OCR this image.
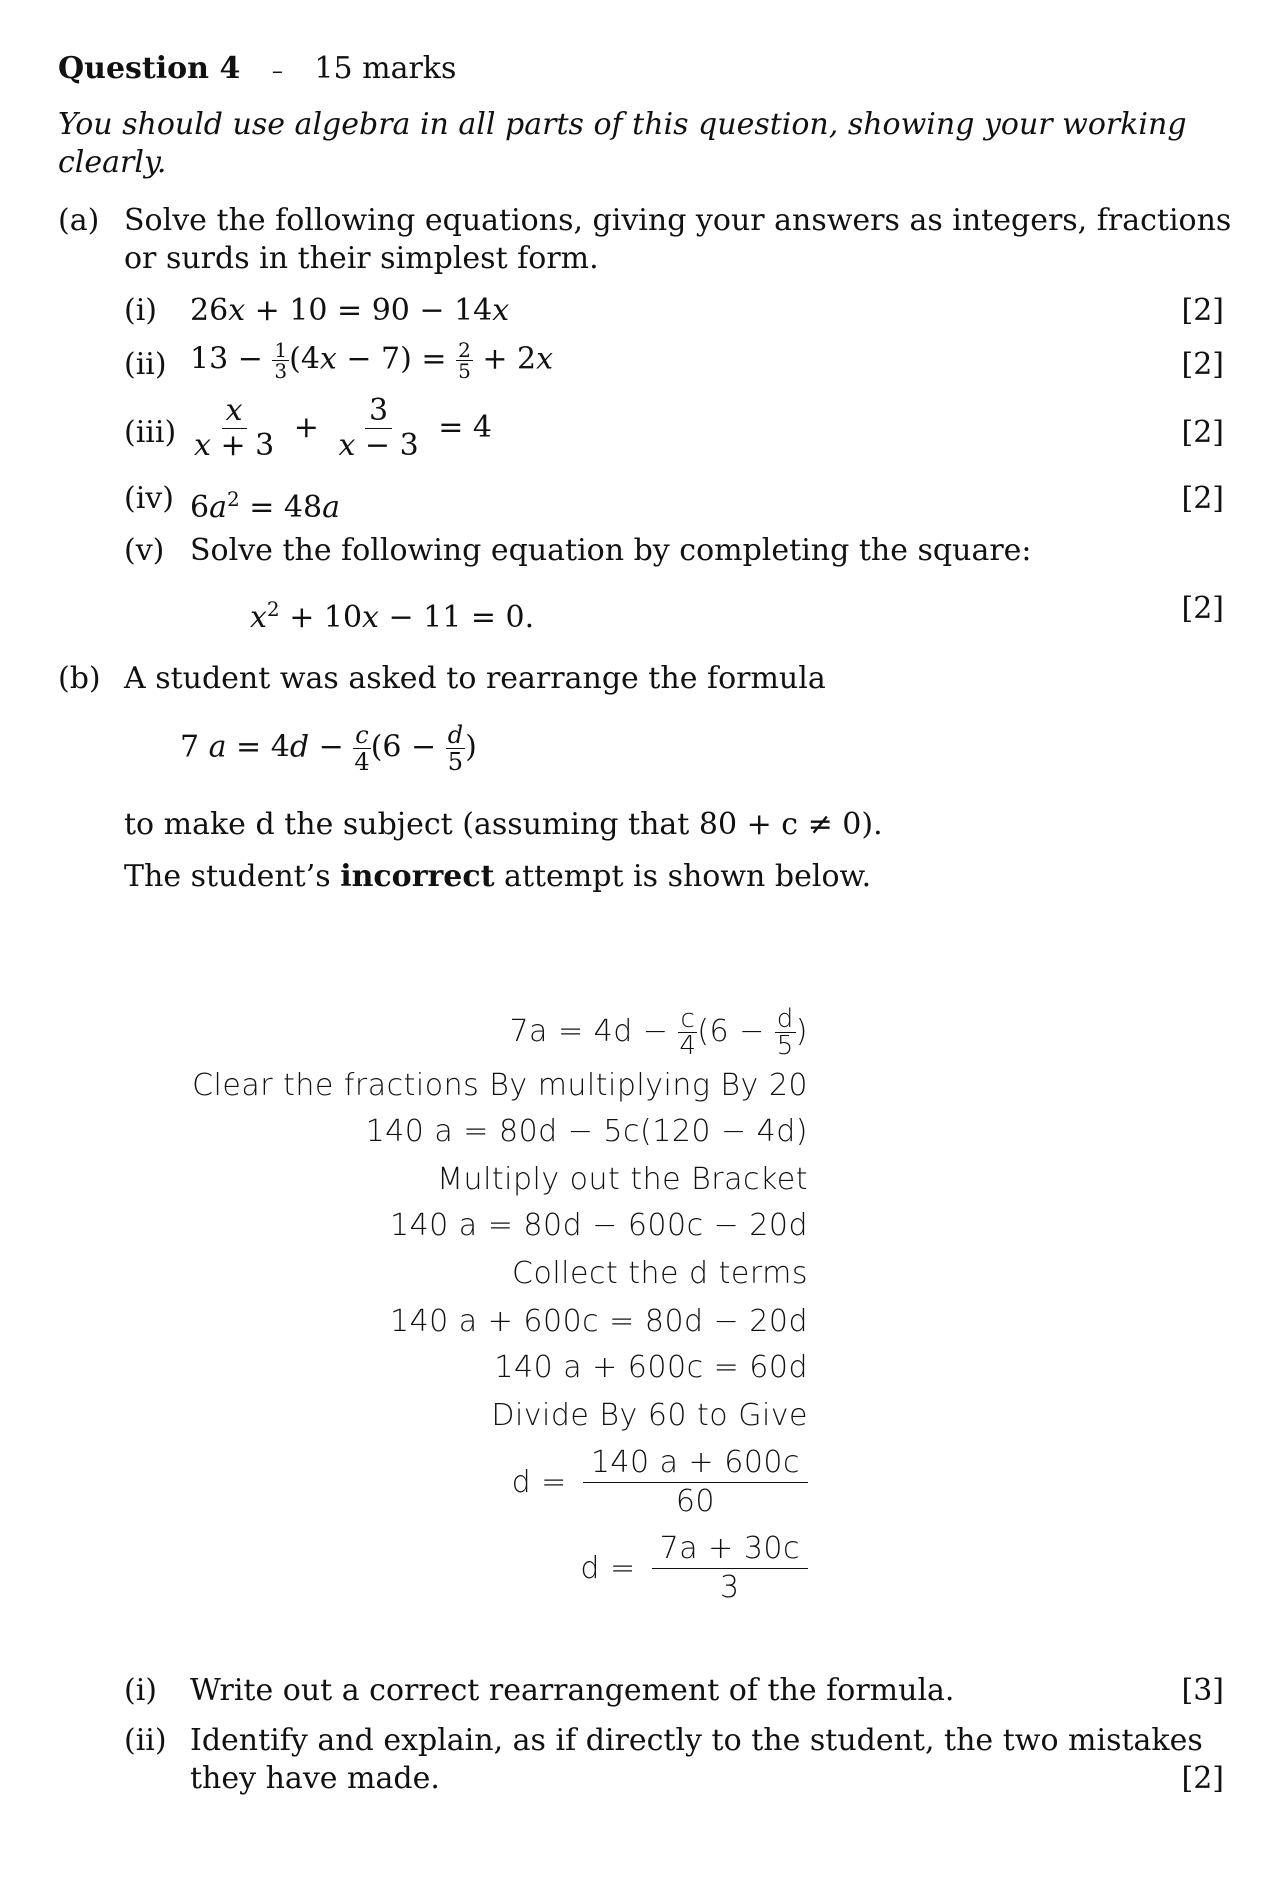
Question 4 – 15 marks
You should use algebra in all parts of this question, showing your working
clearly.
(a) Solve the following equations, giving your answers as integers, fractions
or surds in their simplest form.
(i) 26x + 10 = 90 − 14x	[2]
(ii) $13 - \frac{1}{3} (4x - 7) = \frac{2}{5} + 2x$	[2]
$(iii) \frac{x}{x + 3} + \frac{3}{x - 3} = 4$	[2]
(iv) $6a^2 = 48a$	[2]
(v) Solve the following equation by completing the square:
$x^2 + 10x - 11 = 0$.	[2]
(b) A student was asked to rearrange the formula
7 $a = 4d - \frac{c}{4} (6 - \frac{d}{5}$ )
to make d the subject (assuming that 80 + c ≠ 0).
The student’s incorrect attempt is shown below.
$7a = 4d - \frac{c}{4} (6 - \frac{d}{5}$ )
Clear the fractions By multiplying By 20
140 a = 80d − 5c(120 − 4d)
Multiply out the Bracket
140 a = 80d − 600c − 20d
Collect the d terms
140 a + 600c = 80d − 20d
140 a + 600c = 60d
Divide By 60 to Give
$d = \frac{140 a + 600c}{60}$
$d = \frac{7a + 30c}{3}$
(i) Write out a correct rearrangement of the formula.	[3]
(ii) Identify and explain, as if directly to the student, the two mistakes
they have made.	[2]
